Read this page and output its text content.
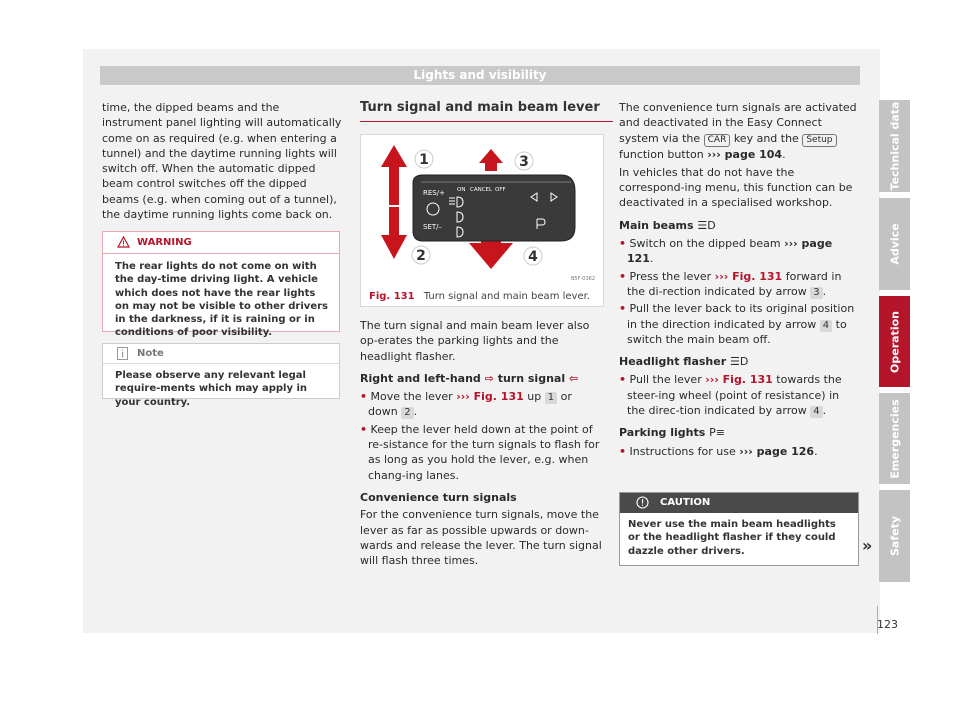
Lights and visibility

time, the dipped beams and the instrument panel lighting will automatically come on as required (e.g. when entering a tunnel) and the daytime running lights will switch off. When the automatic dipped beam control switches off the dipped beams (e.g. when coming out of a tunnel), the daytime running lights come back on.

WARNING
The rear lights do not come on with the day-time driving light. A vehicle which does not have the rear lights on may not be visible to other drivers in the darkness, if it is raining or in conditions of poor visibility.
Note
Please observe any relevant legal require-ments which may apply in your country.
Turn signal and main beam lever
1
2
3
4
RES/+
SET/–
ON CANCEL OFF
B5F-0362
Fig. 131 Turn signal and main beam lever.

The turn signal and main beam lever also op-erates the parking lights and the headlight flasher.

Right and left-hand ⇨ turn signal ⇦

• Move the lever ››› Fig. 131 up 1 or down 2 .

• Keep the lever held down at the point of re-sistance for the turn signals to flash for as long as you hold the lever, e.g. when chang-ing lanes.

Convenience turn signals

For the convenience turn signals, move the lever as far as possible upwards or down-wards and release the lever. The turn signal will flash three times.

The convenience turn signals are activated and deactivated in the Easy Connect system via the CAR key and the Setup function button ››› page 104.

In vehicles that do not have the correspond-ing menu, this function can be deactivated in a specialised workshop.

Main beams ☰D

• Switch on the dipped beam ››› page 121.

• Press the lever ››› Fig. 131 forward in the di-rection indicated by arrow 3 .

• Pull the lever back to its original position in the direction indicated by arrow 4 to switch the main beam off.

Headlight flasher ☰D

• Pull the lever ››› Fig. 131 towards the steer-ing wheel (point of resistance) in the direc-tion indicated by arrow 4 .

Parking lights P≡

• Instructions for use ››› page 126.

CAUTION
Never use the main beam headlights or the headlight flasher if they could dazzle other drivers.	»
Technical data
Advice
Operation
Emergencies
Safety
123
